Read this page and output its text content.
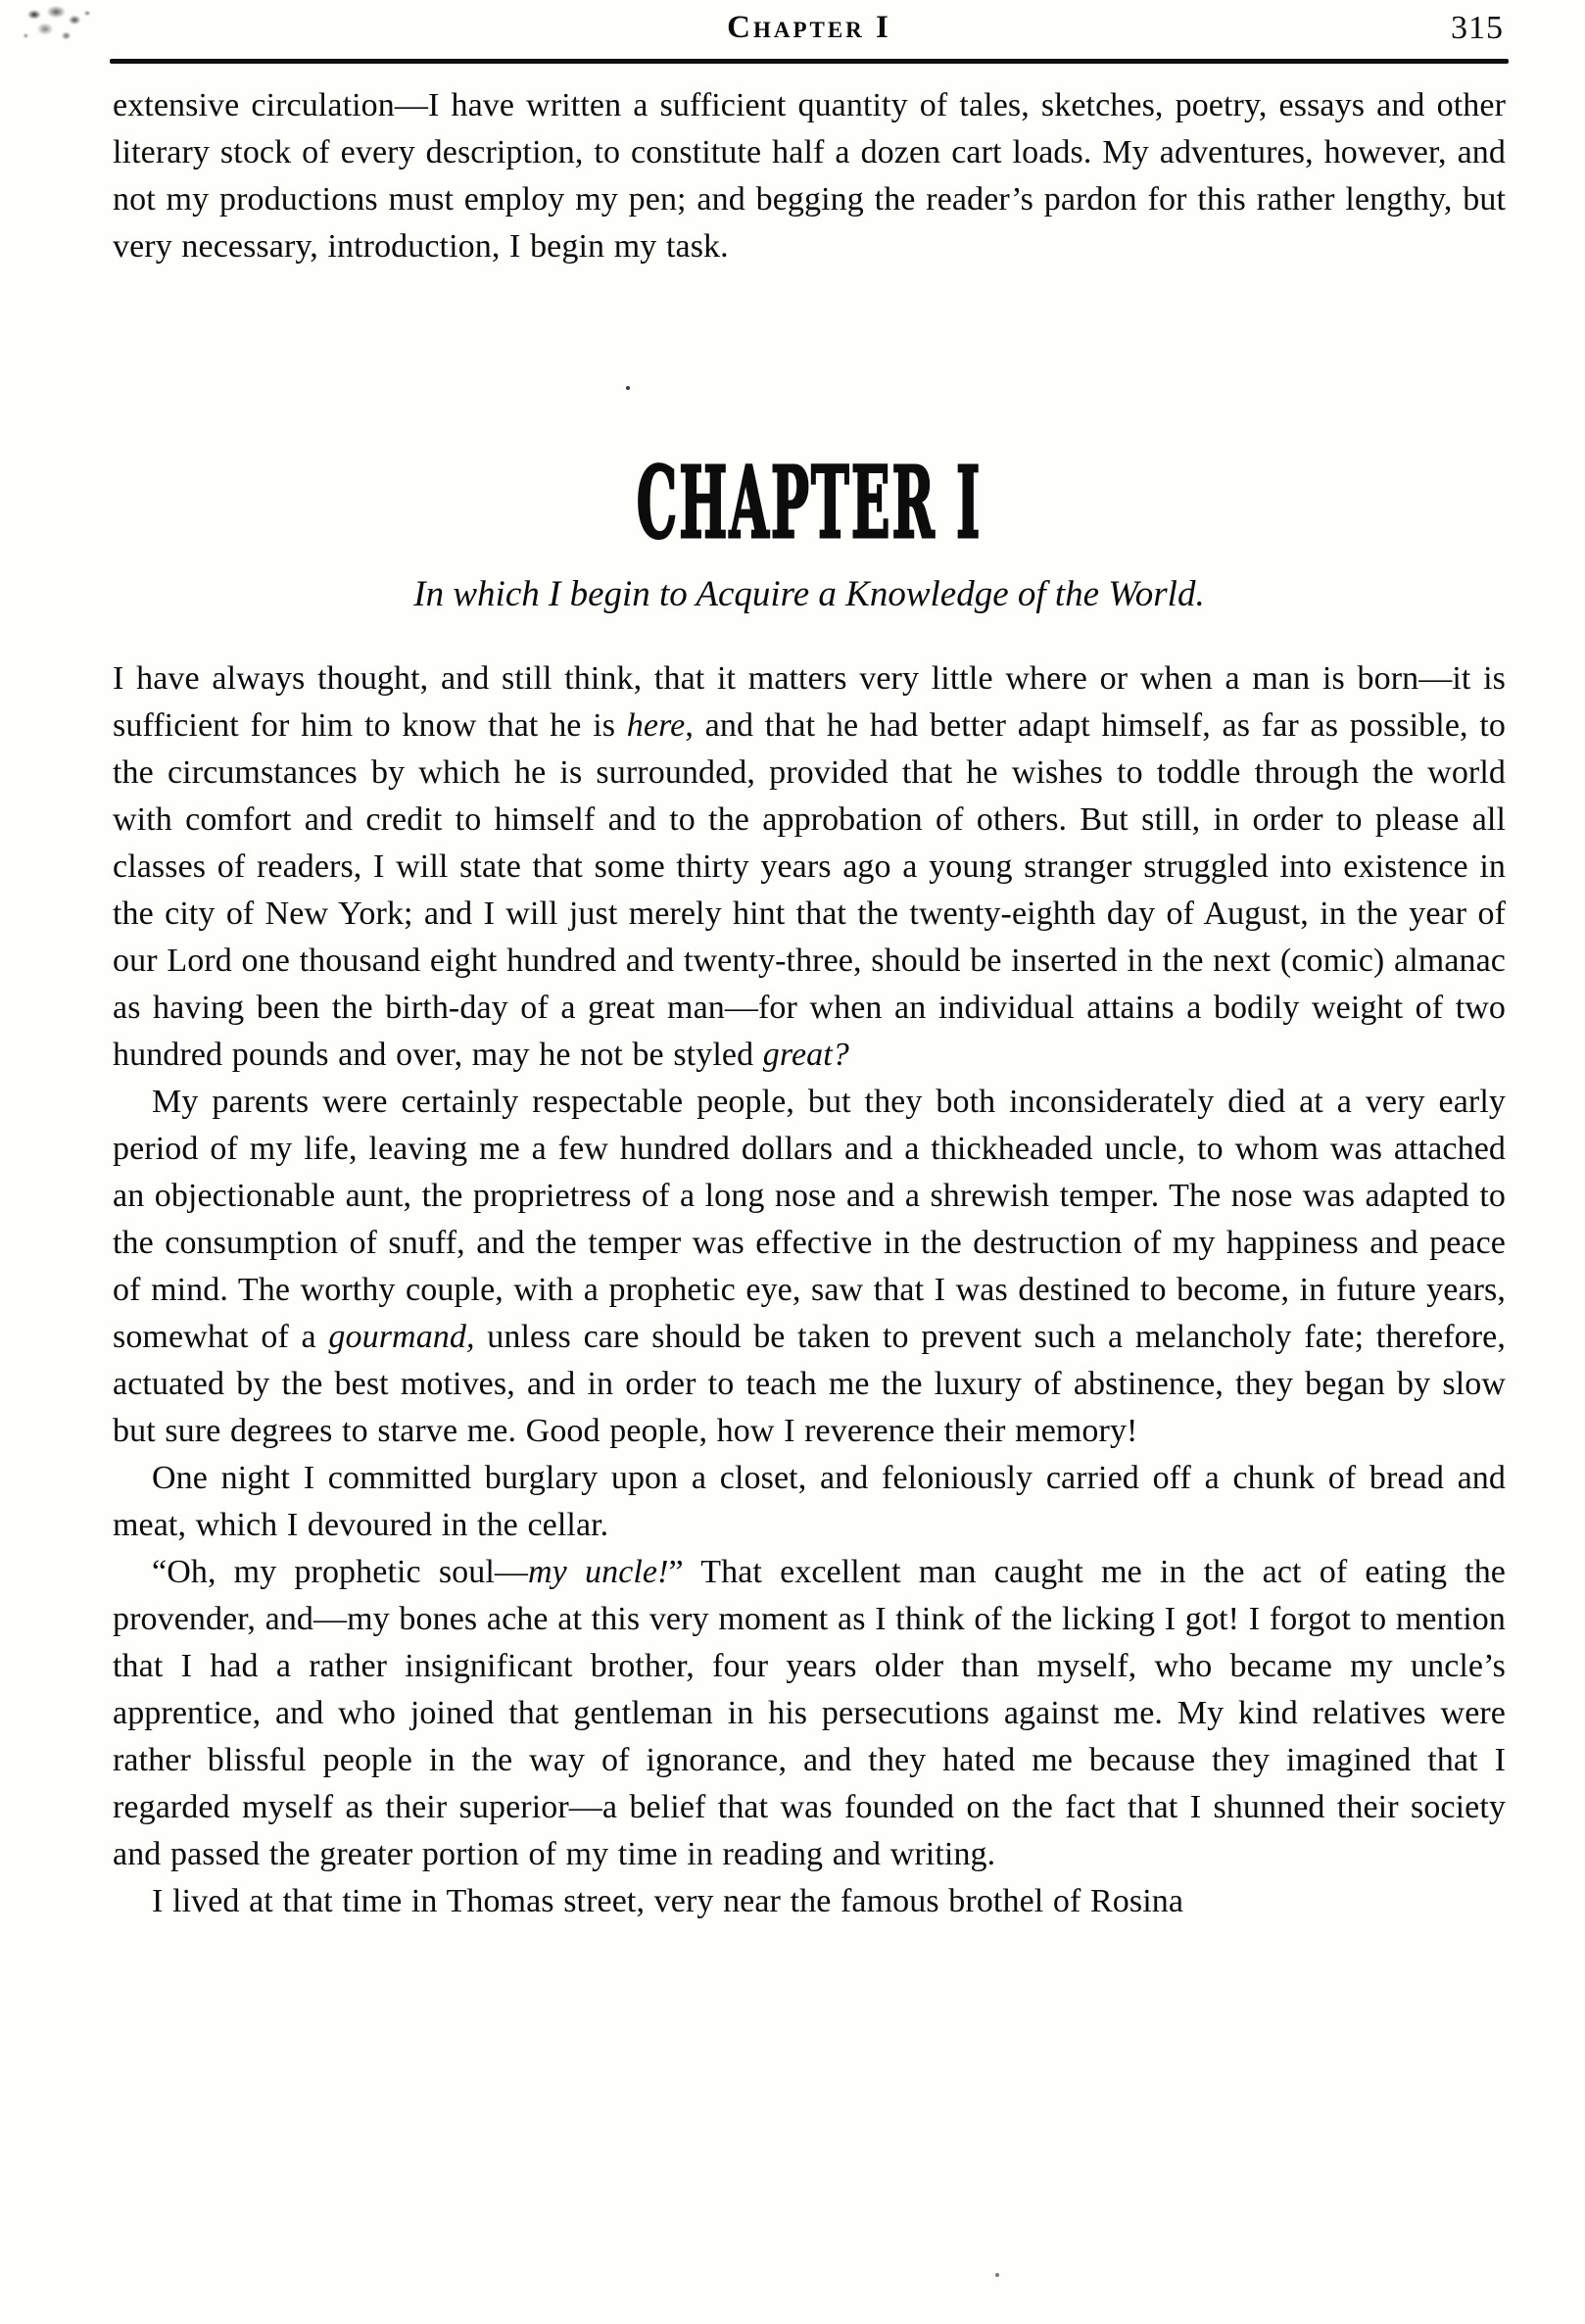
Chapter I	315

extensive circulation—I have written a sufficient quantity of tales, sketches, poetry, essays and other literary stock of every description, to constitute half a dozen cart loads. My adventures, however, and not my productions must employ my pen; and begging the reader’s pardon for this rather lengthy, but very necessary, introduction, I begin my task.

CHAPTER I

In which I begin to Acquire a Knowledge of the World.

I have always thought, and still think, that it matters very little where or when a man is born—it is sufficient for him to know that he is here, and that he had better adapt himself, as far as possible, to the circumstances by which he is surrounded, provided that he wishes to toddle through the world with comfort and credit to himself and to the approbation of others. But still, in order to please all classes of readers, I will state that some thirty years ago a young stranger struggled into existence in the city of New York; and I will just merely hint that the twenty-eighth day of August, in the year of our Lord one thousand eight hundred and twenty-three, should be inserted in the next (comic) almanac as having been the birth-day of a great man—for when an individual attains a bodily weight of two hundred pounds and over, may he not be styled great?

My parents were certainly respectable people, but they both inconsiderately died at a very early period of my life, leaving me a few hundred dollars and a thickheaded uncle, to whom was attached an objectionable aunt, the proprietress of a long nose and a shrewish temper. The nose was adapted to the consumption of snuff, and the temper was effective in the destruction of my happiness and peace of mind. The worthy couple, with a prophetic eye, saw that I was destined to become, in future years, somewhat of a gourmand, unless care should be taken to prevent such a melancholy fate; therefore, actuated by the best motives, and in order to teach me the luxury of abstinence, they began by slow but sure degrees to starve me. Good people, how I reverence their memory!

One night I committed burglary upon a closet, and feloniously carried off a chunk of bread and meat, which I devoured in the cellar.

“Oh, my prophetic soul—my uncle!” That excellent man caught me in the act of eating the provender, and—my bones ache at this very moment as I think of the licking I got! I forgot to mention that I had a rather insignificant brother, four years older than myself, who became my uncle’s apprentice, and who joined that gentleman in his persecutions against me. My kind relatives were rather blissful people in the way of ignorance, and they hated me because they imagined that I regarded myself as their superior—a belief that was founded on the fact that I shunned their society and passed the greater portion of my time in reading and writing.

I lived at that time in Thomas street, very near the famous brothel of Rosina
